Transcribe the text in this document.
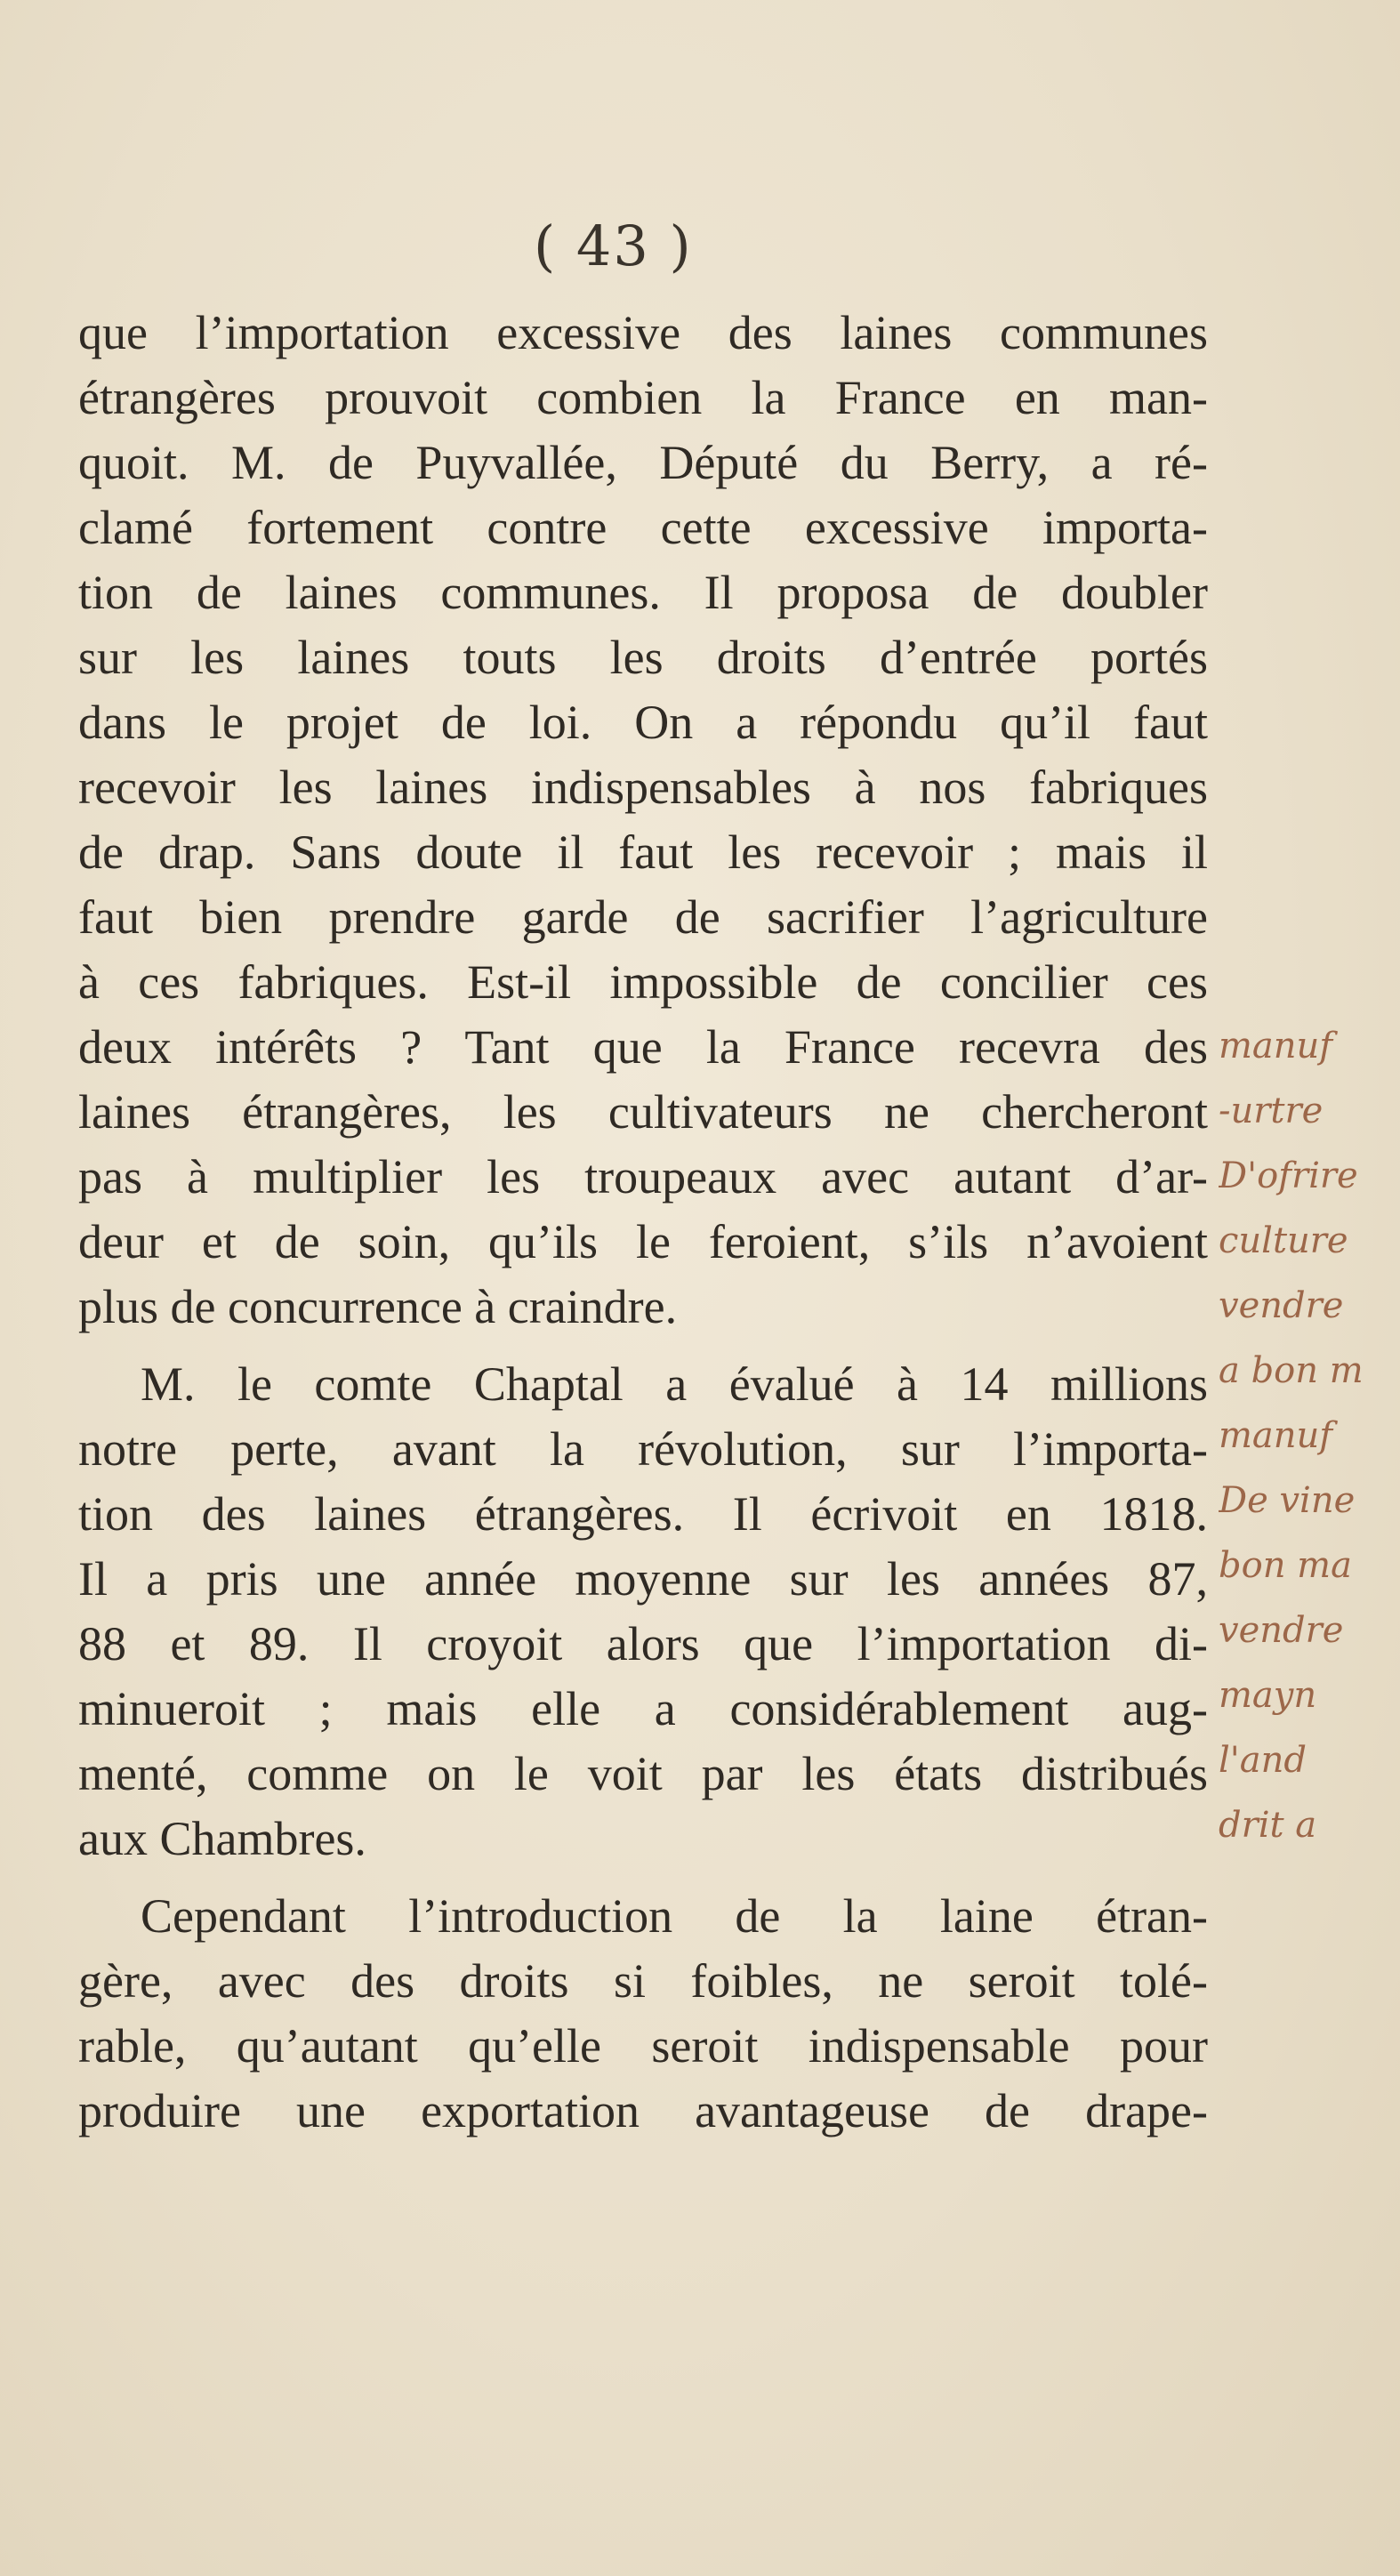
( 43 )
que l’importation excessive des laines communes
étrangères prouvoit combien la France en man-
quoit. M. de Puyvallée, Député du Berry, a ré-
clamé fortement contre cette excessive importa-
tion de laines communes. Il proposa de doubler
sur les laines touts les droits d’entrée portés
dans le projet de loi. On a répondu qu’il faut
recevoir les laines indispensables à nos fabriques
de drap. Sans doute il faut les recevoir ; mais il
faut bien prendre garde de sacrifier l’agriculture
à ces fabriques. Est-il impossible de concilier ces
deux intérêts ? Tant que la France recevra des
laines étrangères, les cultivateurs ne chercheront
pas à multiplier les troupeaux avec autant d’ar-
deur et de soin, qu’ils le feroient, s’ils n’avoient
plus de concurrence à craindre.
M. le comte Chaptal a évalué à 14 millions
notre perte, avant la révolution, sur l’importa-
tion des laines étrangères. Il écrivoit en 1818.
Il a pris une année moyenne sur les années 87,
88 et 89. Il croyoit alors que l’importation di-
minueroit ; mais elle a considérablement aug-
menté, comme on le voit par les états distribués
aux Chambres.
Cependant l’introduction de la laine étran-
gère, avec des droits si foibles, ne seroit tolé-
rable, qu’autant qu’elle seroit indispensable pour
produire une exportation avantageuse de drape-
manuf
-urtre
D'ofrire
culture
vendre
a bon m
manuf
De vine
bon ma
vendre
mayn
l'and
drit a
